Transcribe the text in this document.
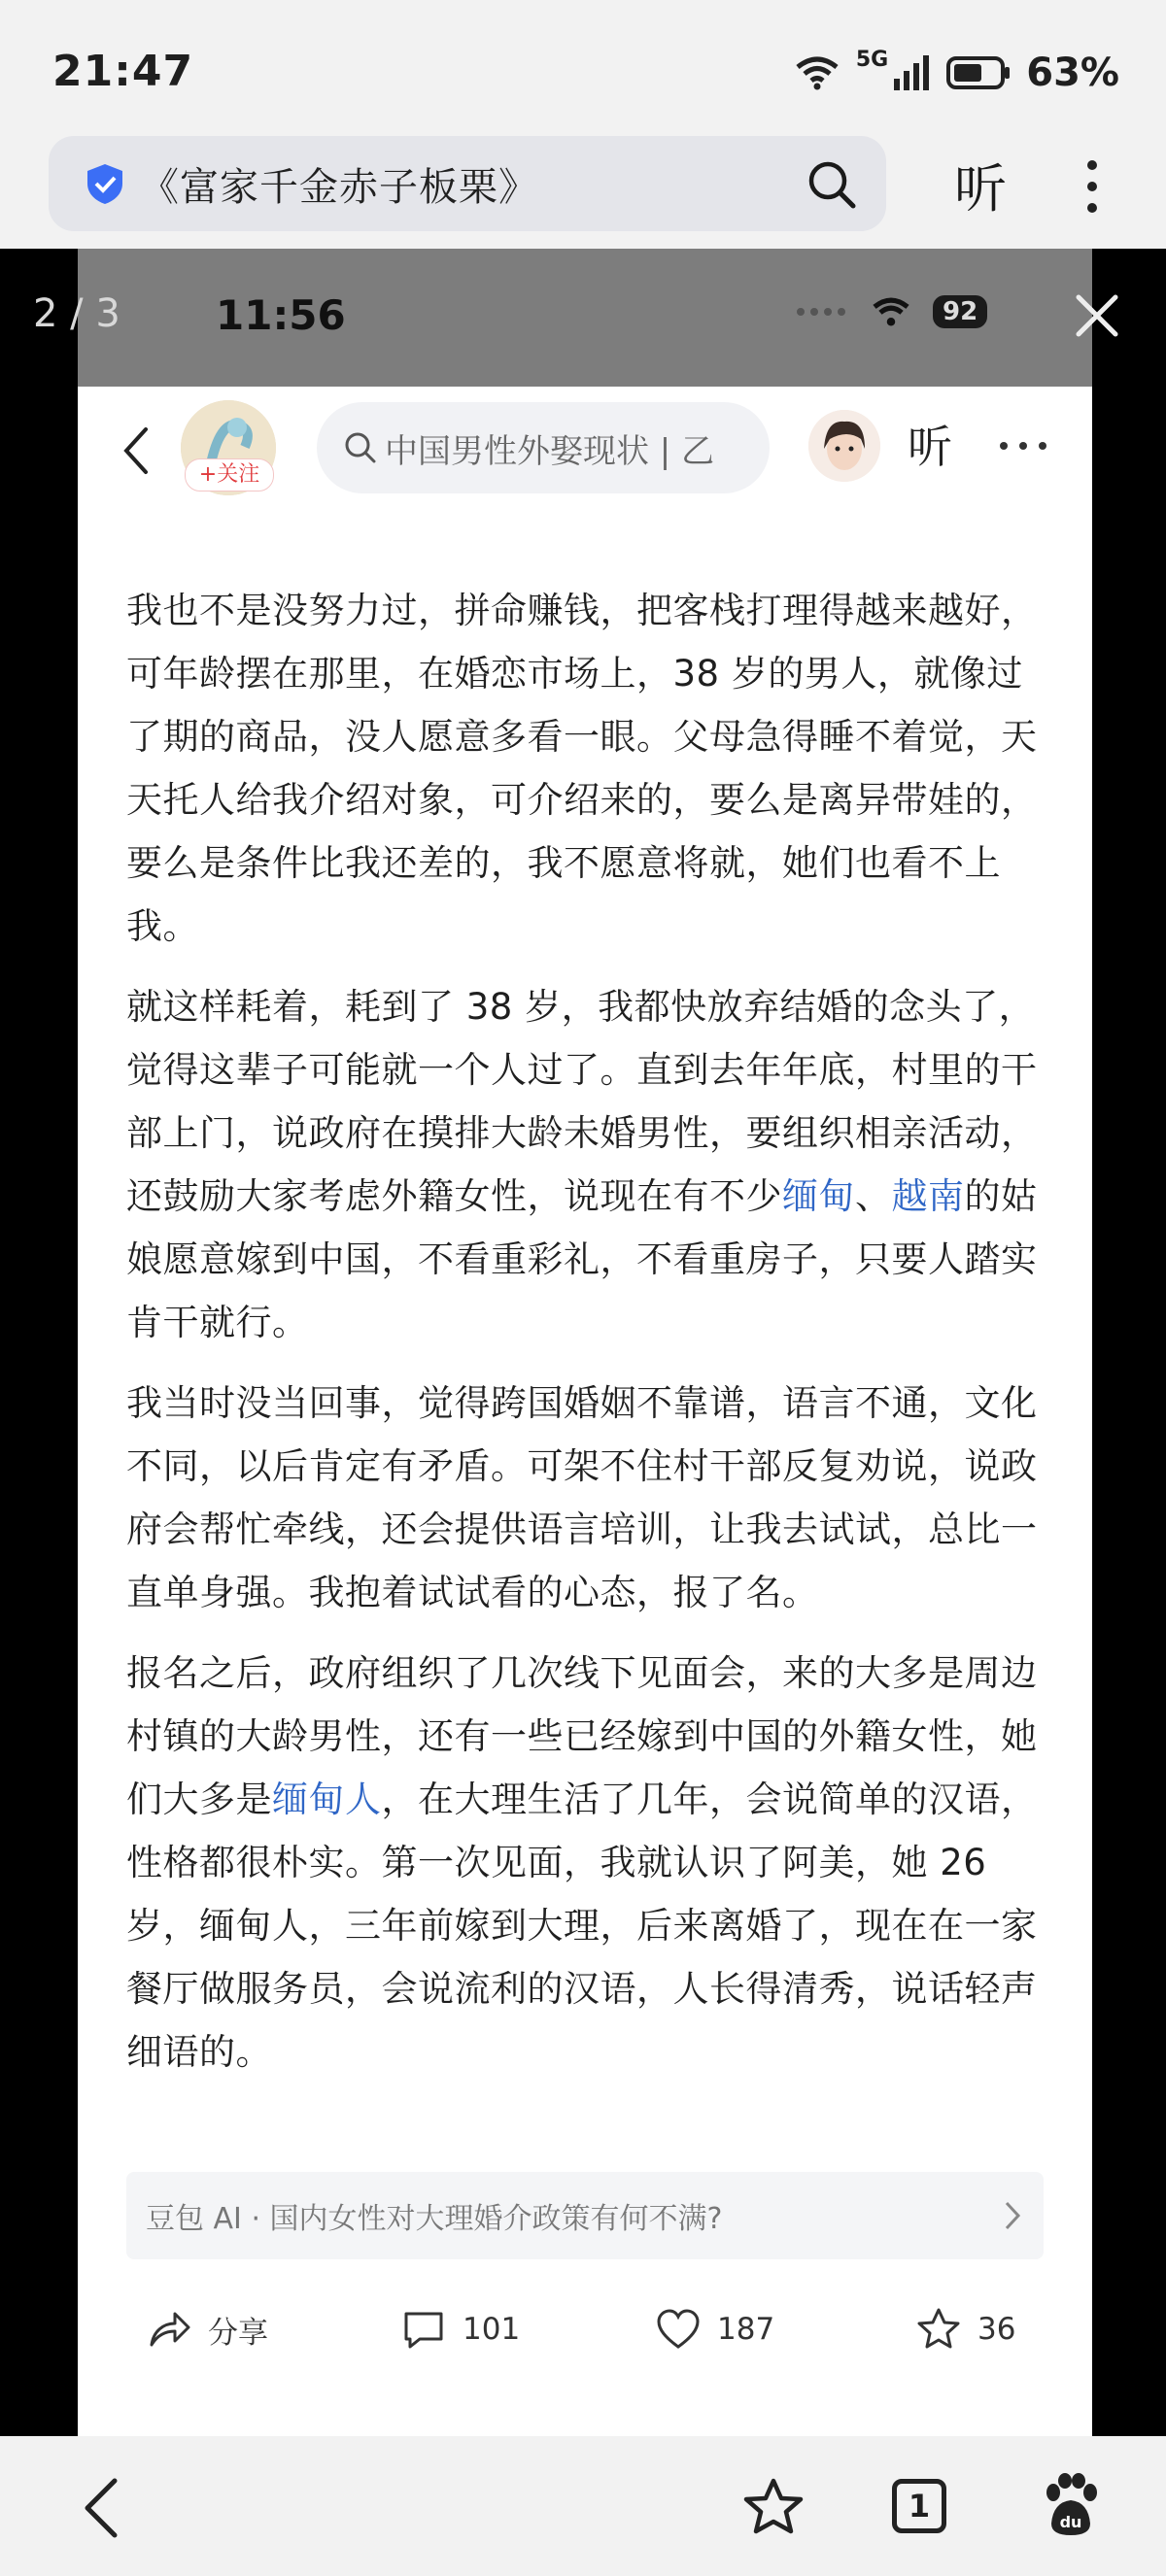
21:47	5G	63%
《富家千金赤子板栗》	听
2 / 3 11:56	92
+关注
中国男性外娶现状 | 乙	听

我也不是没努力过，拼命赚钱，把客栈打理得越来越好，可年龄摆在那里，在婚恋市场上，38 岁的男人，就像过了期的商品，没人愿意多看一眼。父母急得睡不着觉，天天托人给我介绍对象，可介绍来的，要么是离异带娃的，要么是条件比我还差的，我不愿意将就，她们也看不上我。

就这样耗着，耗到了 38 岁，我都快放弃结婚的念头了，觉得这辈子可能就一个人过了。直到去年年底，村里的干部上门，说政府在摸排大龄未婚男性，要组织相亲活动，还鼓励大家考虑外籍女性，说现在有不少缅甸、越南的姑娘愿意嫁到中国，不看重彩礼，不看重房子，只要人踏实肯干就行。

我当时没当回事，觉得跨国婚姻不靠谱，语言不通，文化不同，以后肯定有矛盾。可架不住村干部反复劝说，说政府会帮忙牵线，还会提供语言培训，让我去试试，总比一直单身强。我抱着试试看的心态，报了名。

报名之后，政府组织了几次线下见面会，来的大多是周边村镇的大龄男性，还有一些已经嫁到中国的外籍女性，她们大多是缅甸人，在大理生活了几年，会说简单的汉语，性格都很朴实。第一次见面，我就认识了阿美，她 26 岁，缅甸人，三年前嫁到大理，后来离婚了，现在在一家餐厅做服务员，会说流利的汉语，人长得清秀，说话轻声细语的。

豆包 AI · 国内女性对大理婚介政策有何不满?
分享	101	187	36
1	du
